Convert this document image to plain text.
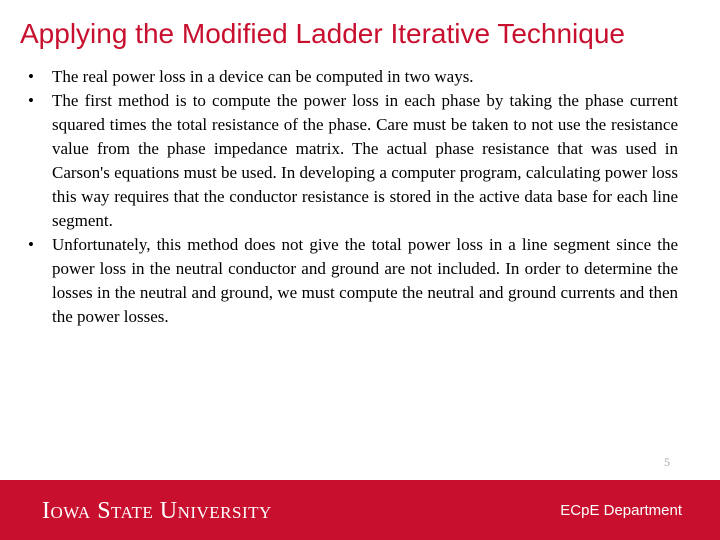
Applying the Modified Ladder Iterative Technique
• The real power loss in a device can be computed in two ways.
• The first method is to compute the power loss in each phase by taking the phase current squared times the total resistance of the phase. Care must be taken to not use the resistance value from the phase impedance matrix. The actual phase resistance that was used in Carson's equations must be used. In developing a computer program, calculating power loss this way requires that the conductor resistance is stored in the active data base for each line segment.
• Unfortunately, this method does not give the total power loss in a line segment since the power loss in the neutral conductor and ground are not included. In order to determine the losses in the neutral and ground, we must compute the neutral and ground currents and then the power losses.
5
Iowa State University	ECpE Department
